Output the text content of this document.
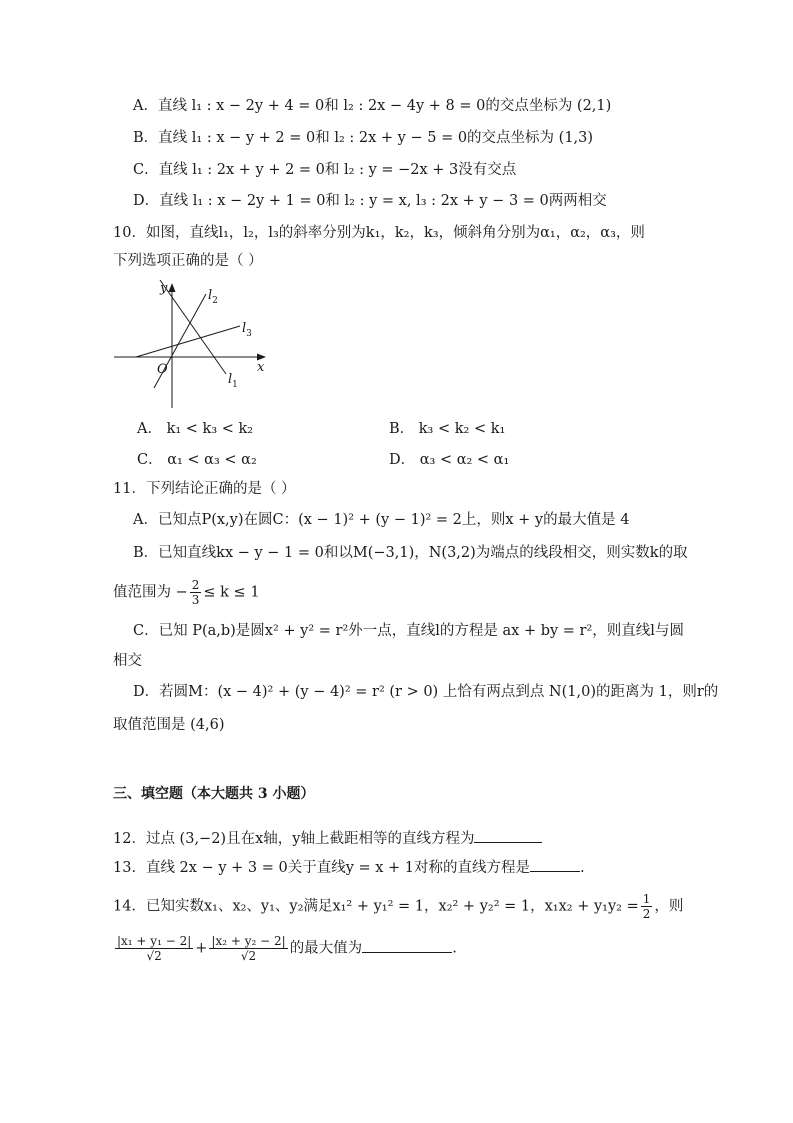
A．直线 l₁ : x − 2y + 4 = 0和 l₂ : 2x − 4y + 8 = 0的交点坐标为 (2,1)
B．直线 l₁ : x − y + 2 = 0和 l₂ : 2x + y − 5 = 0的交点坐标为 (1,3)
C．直线 l₁ : 2x + y + 2 = 0和 l₂ : y = −2x + 3没有交点
D．直线 l₁ : x − 2y + 1 = 0和 l₂ : y = x, l₃ : 2x + y − 3 = 0两两相交
10．如图，直线l₁，l₂，l₃的斜率分别为k₁，k₂，k₃，倾斜角分别为α₁，α₂，α₃，则
下列选项正确的是（ ）
y
x
O
$l_2$
$l_3$
$l_1$
A． k₁ < k₃ < k₂	B． k₃ < k₂ < k₁
C． α₁ < α₃ < α₂	D． α₃ < α₂ < α₁
11．下列结论正确的是（ ）
A．已知点P(x,y)在圆C：(x − 1)² + (y − 1)² = 2上，则x + y的最大值是 4
B．已知直线kx − y − 1 = 0和以M(−3,1)，N(3,2)为端点的线段相交，则实数k的取
值范围为 − $\frac{2}{3} \le k \le 1$
C．已知 P(a,b)是圆x² + y² = r²外一点，直线l的方程是 ax + by = r²，则直线l与圆
相交
D．若圆M：(x − 4)² + (y − 4)² = r² (r > 0) 上恰有两点到点 N(1,0)的距离为 1，则r的
取值范围是 (4,6)
三、填空题（本大题共 3 小题）
12．过点 (3,−2)且在x轴，y轴上截距相等的直线方程为
13．直线 2x − y + 3 = 0关于直线y = x + 1对称的直线方程是	.
14．已知实数x₁、x₂、y₁、y₂满足x₁² + y₁² = 1，x₂² + y₂² = 1，$x_1x_2 + y_1y_2 = \frac{1}{2}$ ，则
$\frac{\text{|x₁ + y₁ − 2|}}{√2} + \frac{\text{|x₂ + y₂ − 2|}}{√2}$ 的最大值为	.
